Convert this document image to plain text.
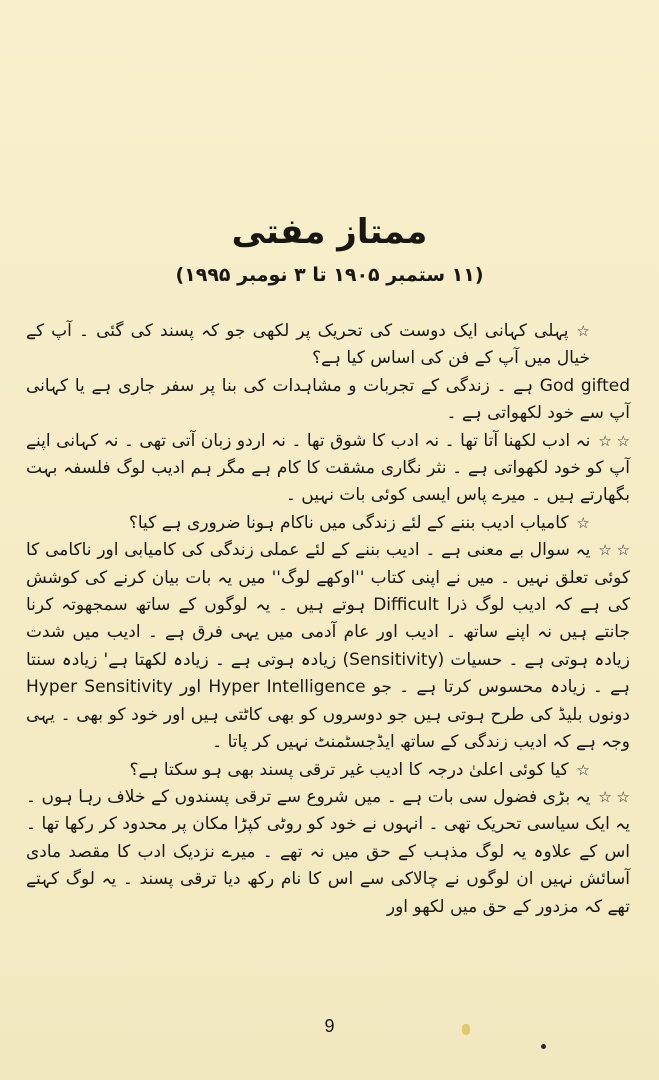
ممتاز مفتی
(۱۱ ستمبر ۱۹۰۵ تا ۳ نومبر ۱۹۹۵)

☆پہلی کہانی ایک دوست کی تحریک پر لکھی جو کہ پسند کی گئی ۔ آپ کے خیال میں آپ کے فن کی اساس کیا ہے؟

God gifted ہے ۔ زندگی کے تجربات و مشاہدات کی بنا پر سفر جاری ہے یا کہانی آپ سے خود لکھواتی ہے ۔

☆ ☆نہ ادب لکھنا آتا تھا ۔ نہ ادب کا شوق تھا ۔ نہ اردو زبان آتی تھی ۔ نہ کہانی اپنے آپ کو خود لکھواتی ہے ۔ نثر نگاری مشقت کا کام ہے مگر ہم ادیب لوگ فلسفہ بہت بگھارتے ہیں ۔ میرے پاس ایسی کوئی بات نہیں ۔

☆کامیاب ادیب بننے کے لئے زندگی میں ناکام ہونا ضروری ہے کیا؟

☆ ☆یہ سوال بے معنی ہے ۔ ادیب بننے کے لئے عملی زندگی کی کامیابی اور ناکامی کا کوئی تعلق نہیں ۔ میں نے اپنی کتاب ''اوکھے لوگ'' میں یہ بات بیان کرنے کی کوشش کی ہے کہ ادیب لوگ ذرا Difficult ہوتے ہیں ۔ یہ لوگوں کے ساتھ سمجھوتہ کرنا جانتے ہیں نہ اپنے ساتھ ۔ ادیب اور عام آدمی میں یہی فرق ہے ۔ ادیب میں شدت زیادہ ہوتی ہے ۔ حسیات (Sensitivity) زیادہ ہوتی ہے ۔ زیادہ لکھتا ہے' زیادہ سنتا ہے ۔ زیادہ محسوس کرتا ہے ۔ جو Hyper Intelligence اور Hyper Sensitivity دونوں بلیڈ کی طرح ہوتی ہیں جو دوسروں کو بھی کاٹتی ہیں اور خود کو بھی ۔ یہی وجہ ہے کہ ادیب زندگی کے ساتھ ایڈجسٹمنٹ نہیں کر پاتا ۔

☆کیا کوئی اعلیٰ درجہ کا ادیب غیر ترقی پسند بھی ہو سکتا ہے؟

☆ ☆یہ بڑی فضول سی بات ہے ۔ میں شروع سے ترقی پسندوں کے خلاف رہا ہوں ۔ یہ ایک سیاسی تحریک تھی ۔ انہوں نے خود کو روٹی کپڑا مکان پر محدود کر رکھا تھا ۔ اس کے علاوہ یہ لوگ مذہب کے حق میں نہ تھے ۔ میرے نزدیک ادب کا مقصد مادی آسائش نہیں ان لوگوں نے چالاکی سے اس کا نام رکھ دیا ترقی پسند ۔ یہ لوگ کہتے تھے کہ مزدور کے حق میں لکھو اور

9
